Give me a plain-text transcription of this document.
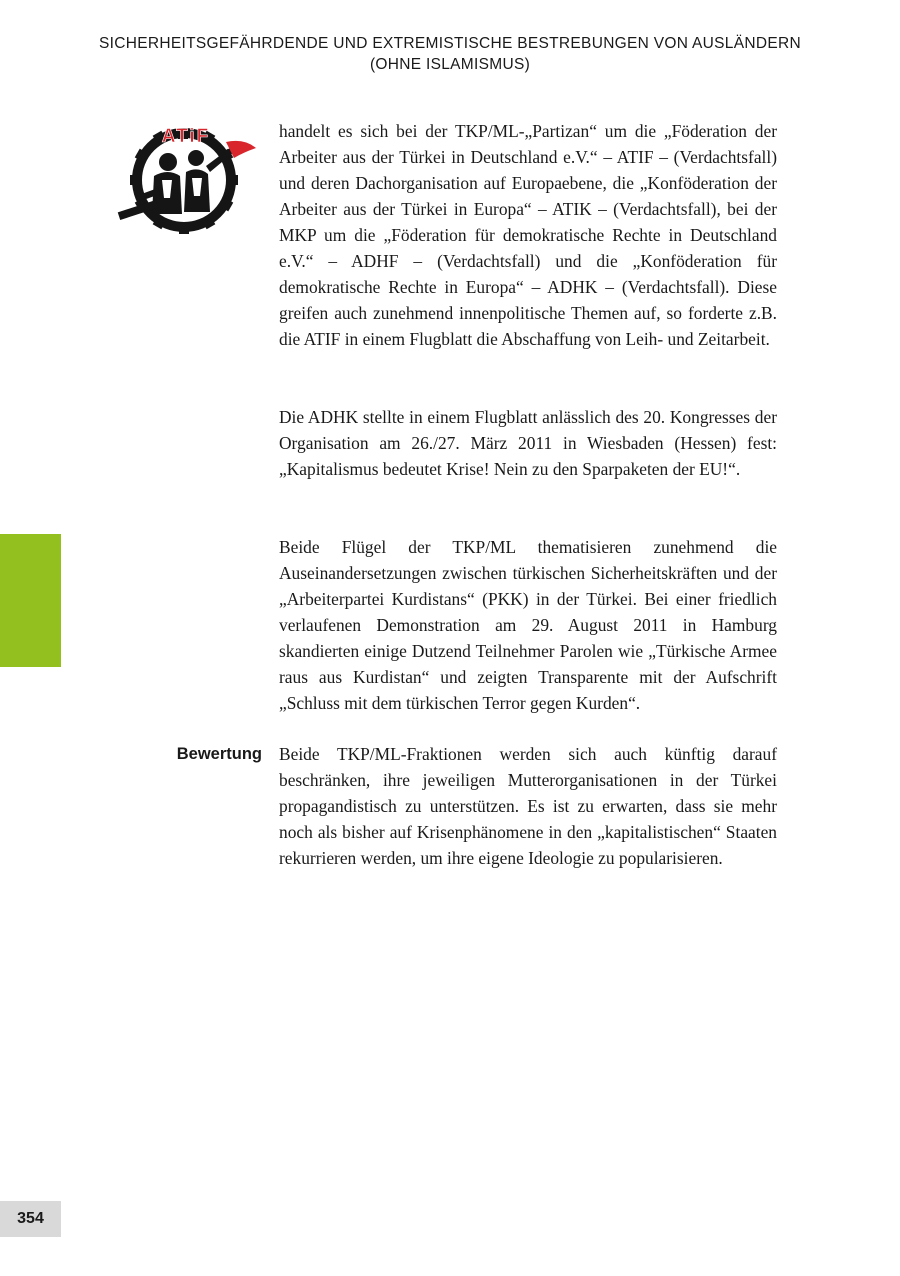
SICHERHEITSGEFÄHRDENDE UND EXTREMISTISCHE BESTREBUNGEN VON AUSLÄNDERN
(OHNE ISLAMISMUS)
ATiF	handelt es sich bei der TKP/ML-„Partizan“ um die „Föderation der Arbeiter aus der Türkei in Deutschland e.V.“ – ATIF – (Verdachtsfall) und deren Dachorganisation auf Europaebene, die „Konföderation der Arbeiter aus der Türkei in Europa“ – ATIK – (Verdachtsfall), bei der MKP um die „Föderation für demokratische Rechte in Deutschland e.V.“ – ADHF – (Verdachtsfall) und die „Konföderation für demokratische Rechte in Europa“ – ADHK – (Verdachtsfall). Diese greifen auch zunehmend innenpolitische Themen auf, so forderte z.B. die ATIF in einem Flugblatt die Abschaffung von Leih- und Zeitarbeit.

Die ADHK stellte in einem Flugblatt anlässlich des 20. Kongresses der Organisation am 26./27. März 2011 in Wiesbaden (Hessen) fest: „Kapitalismus bedeutet Krise! Nein zu den Sparpaketen der EU!“.

Beide Flügel der TKP/ML thematisieren zunehmend die Auseinandersetzungen zwischen türkischen Sicherheitskräften und der „Arbeiterpartei Kurdistans“ (PKK) in der Türkei. Bei einer friedlich verlaufenen Demonstration am 29. August 2011 in Hamburg skandierten einige Dutzend Teilnehmer Parolen wie „Türkische Armee raus aus Kurdistan“ und zeigten Transparente mit der Aufschrift „Schluss mit dem türkischen Terror gegen Kurden“.

Bewertung Beide TKP/ML-Fraktionen werden sich auch künftig darauf beschränken, ihre jeweiligen Mutterorganisationen in der Türkei propagandistisch zu unterstützen. Es ist zu erwarten, dass sie mehr noch als bisher auf Krisenphänomene in den „kapitalistischen“ Staaten rekurrieren werden, um ihre eigene Ideologie zu popularisieren.

354
